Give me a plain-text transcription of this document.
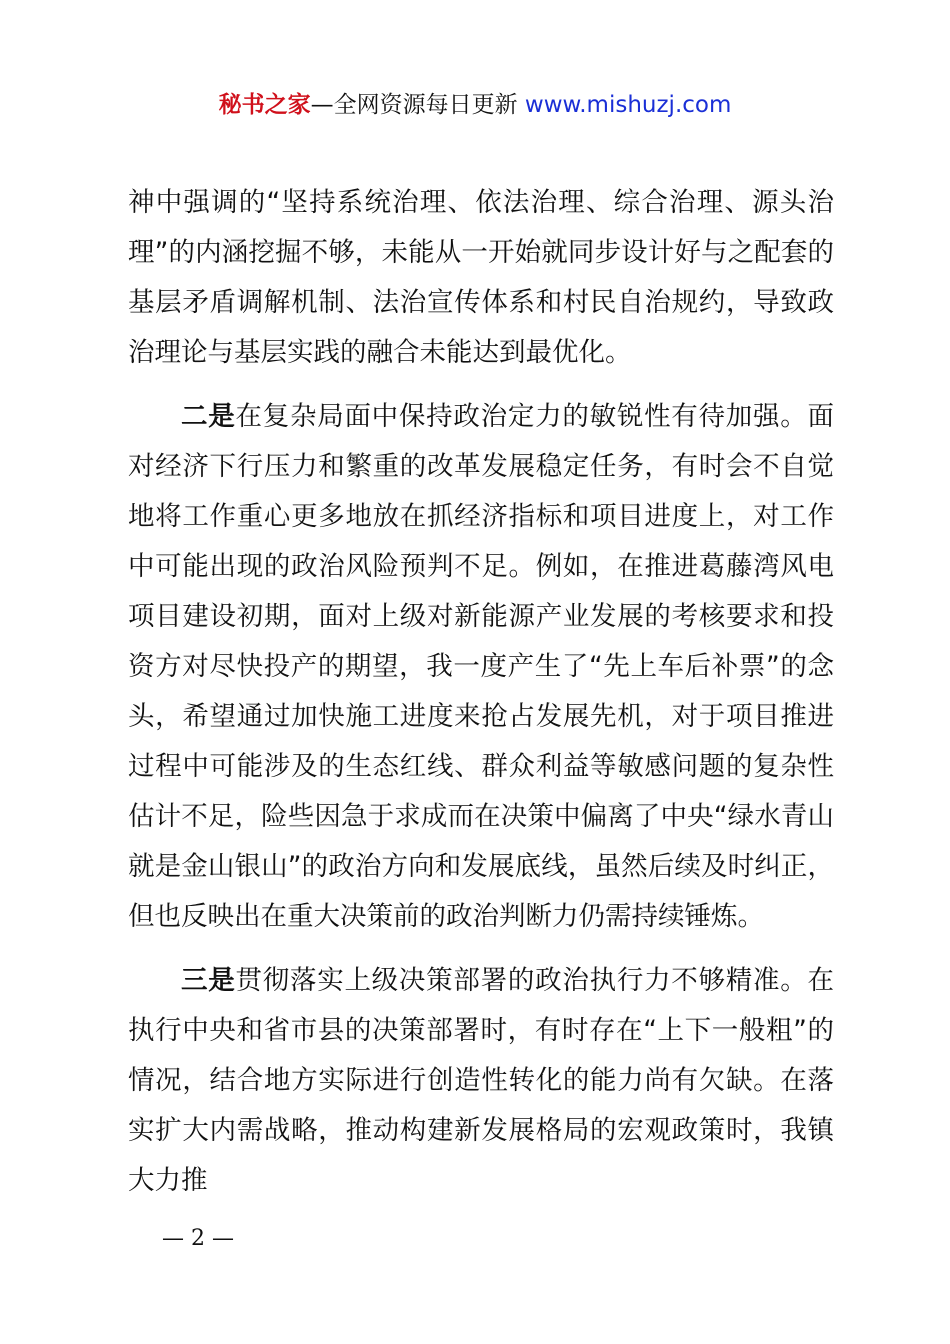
秘书之家—全网资源每日更新 www.mishuzj.com

神中强调的“坚持系统治理、依法治理、综合治理、源头治理”的内涵挖掘不够，未能从一开始就同步设计好与之配套的基层矛盾调解机制、法治宣传体系和村民自治规约，导致政治理论与基层实践的融合未能达到最优化。

二是在复杂局面中保持政治定力的敏锐性有待加强。面对经济下行压力和繁重的改革发展稳定任务，有时会不自觉地将工作重心更多地放在抓经济指标和项目进度上，对工作中可能出现的政治风险预判不足。例如，在推进葛藤湾风电项目建设初期，面对上级对新能源产业发展的考核要求和投资方对尽快投产的期望，我一度产生了“先上车后补票”的念头，希望通过加快施工进度来抢占发展先机，对于项目推进过程中可能涉及的生态红线、群众利益等敏感问题的复杂性估计不足，险些因急于求成而在决策中偏离了中央“绿水青山就是金山银山”的政治方向和发展底线，虽然后续及时纠正，但也反映出在重大决策前的政治判断力仍需持续锤炼。

三是贯彻落实上级决策部署的政治执行力不够精准。在执行中央和省市县的决策部署时，有时存在“上下一般粗”的情况，结合地方实际进行创造性转化的能力尚有欠缺。在落实扩大内需战略，推动构建新发展格局的宏观政策时，我镇大力推

— 2 —
